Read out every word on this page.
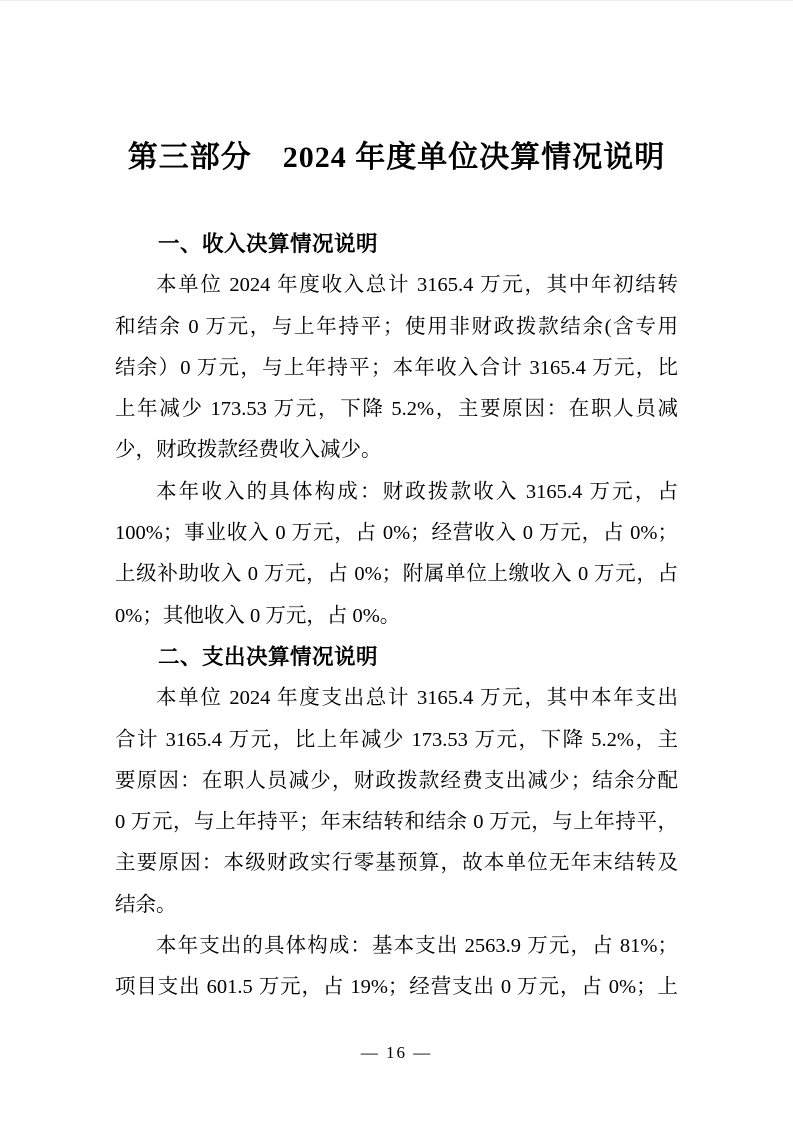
第三部分　2024 年度单位决算情况说明
一、收入决算情况说明
本单位 2024 年度收入总计 3165.4 万元，其中年初结转
和结余 0 万元，与上年持平；使用非财政拨款结余(含专用
结余）0 万元，与上年持平；本年收入合计 3165.4 万元，比
上年减少 173.53 万元，下降 5.2%，主要原因：在职人员减
少，财政拨款经费收入减少。
本年收入的具体构成：财政拨款收入 3165.4 万元，占
100%；事业收入 0 万元，占 0%；经营收入 0 万元，占 0%；
上级补助收入 0 万元，占 0%；附属单位上缴收入 0 万元，占
0%；其他收入 0 万元，占 0%。
二、支出决算情况说明
本单位 2024 年度支出总计 3165.4 万元，其中本年支出
合计 3165.4 万元，比上年减少 173.53 万元，下降 5.2%，主
要原因：在职人员减少，财政拨款经费支出减少；结余分配
0 万元，与上年持平；年末结转和结余 0 万元，与上年持平，
主要原因：本级财政实行零基预算，故本单位无年末结转及
结余。
本年支出的具体构成：基本支出 2563.9 万元，占 81%；
项目支出 601.5 万元，占 19%；经营支出 0 万元，占 0%；上
— 16 —
